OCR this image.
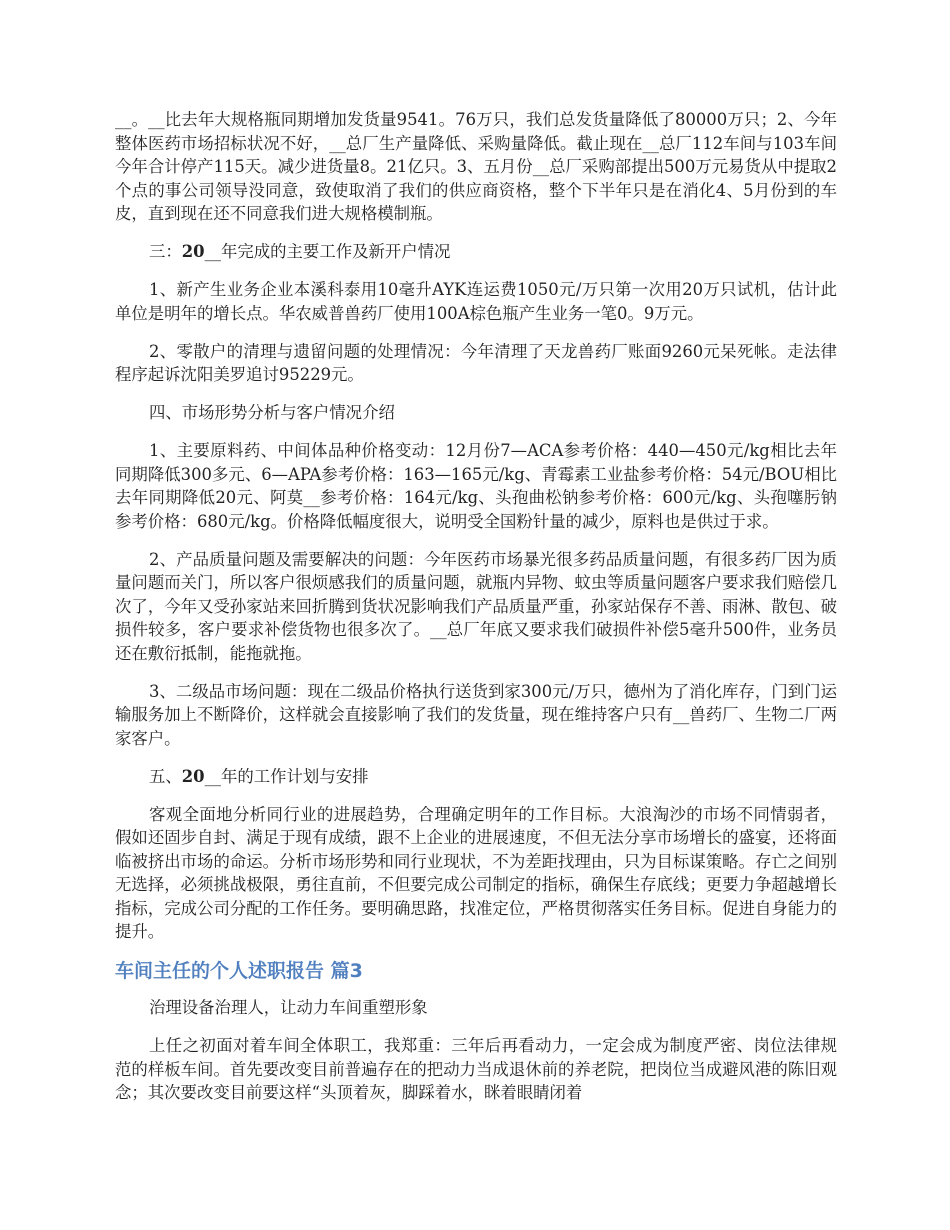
__。__比去年大规格瓶同期增加发货量9541。76万只，我们总发货量降低了80000万只；2、今年整体医药市场招标状况不好，__总厂生产量降低、采购量降低。截止现在__总厂112车间与103车间今年合计停产115天。减少进货量8。21亿只。3、五月份__总厂采购部提出500万元易货从中提取2个点的事公司领导没同意，致使取消了我们的供应商资格，整个下半年只是在消化4、5月份到的车皮，直到现在还不同意我们进大规格模制瓶。

三：20__年完成的主要工作及新开户情况

1、新产生业务企业本溪科泰用10毫升AYK连运费1050元/万只第一次用20万只试机，估计此单位是明年的增长点。华农威普兽药厂使用100A棕色瓶产生业务一笔0。9万元。

2、零散户的清理与遗留问题的处理情况：今年清理了天龙兽药厂账面9260元呆死帐。走法律程序起诉沈阳美罗追讨95229元。

四、市场形势分析与客户情况介绍

1、主要原料药、中间体品种价格变动：12月份7—ACA参考价格：440—450元/kg相比去年同期降低300多元、6—APA参考价格：163—165元/kg、青霉素工业盐参考价格：54元/BOU相比去年同期降低20元、阿莫__参考价格：164元/kg、头孢曲松钠参考价格：600元/kg、头孢噻肟钠参考价格：680元/kg。价格降低幅度很大，说明受全国粉针量的减少，原料也是供过于求。

2、产品质量问题及需要解决的问题：今年医药市场暴光很多药品质量问题，有很多药厂因为质量问题而关门，所以客户很烦感我们的质量问题，就瓶内异物、蚊虫等质量问题客户要求我们赔偿几次了，今年又受孙家站来回折腾到货状况影响我们产品质量严重，孙家站保存不善、雨淋、散包、破损件较多，客户要求补偿货物也很多次了。__总厂年底又要求我们破损件补偿5毫升500件，业务员还在敷衍抵制，能拖就拖。

3、二级品市场问题：现在二级品价格执行送货到家300元/万只，德州为了消化库存，门到门运输服务加上不断降价，这样就会直接影响了我们的发货量，现在维持客户只有__兽药厂、生物二厂两家客户。

五、20__年的工作计划与安排

客观全面地分析同行业的进展趋势，合理确定明年的工作目标。大浪淘沙的市场不同情弱者，假如还固步自封、满足于现有成绩，跟不上企业的进展速度，不但无法分享市场增长的盛宴，还将面临被挤出市场的命运。分析市场形势和同行业现状，不为差距找理由，只为目标谋策略。存亡之间别无选择，必须挑战极限，勇往直前，不但要完成公司制定的指标，确保生存底线；更要力争超越增长指标，完成公司分配的工作任务。要明确思路，找准定位，严格贯彻落实任务目标。促进自身能力的提升。

车间主任的个人述职报告 篇3

治理设备治理人，让动力车间重塑形象

上任之初面对着车间全体职工，我郑重：三年后再看动力，一定会成为制度严密、岗位法律规范的样板车间。首先要改变目前普遍存在的把动力当成退休前的养老院，把岗位当成避风港的陈旧观念；其次要改变目前要这样“头顶着灰，脚踩着水，眯着眼睛闭着
